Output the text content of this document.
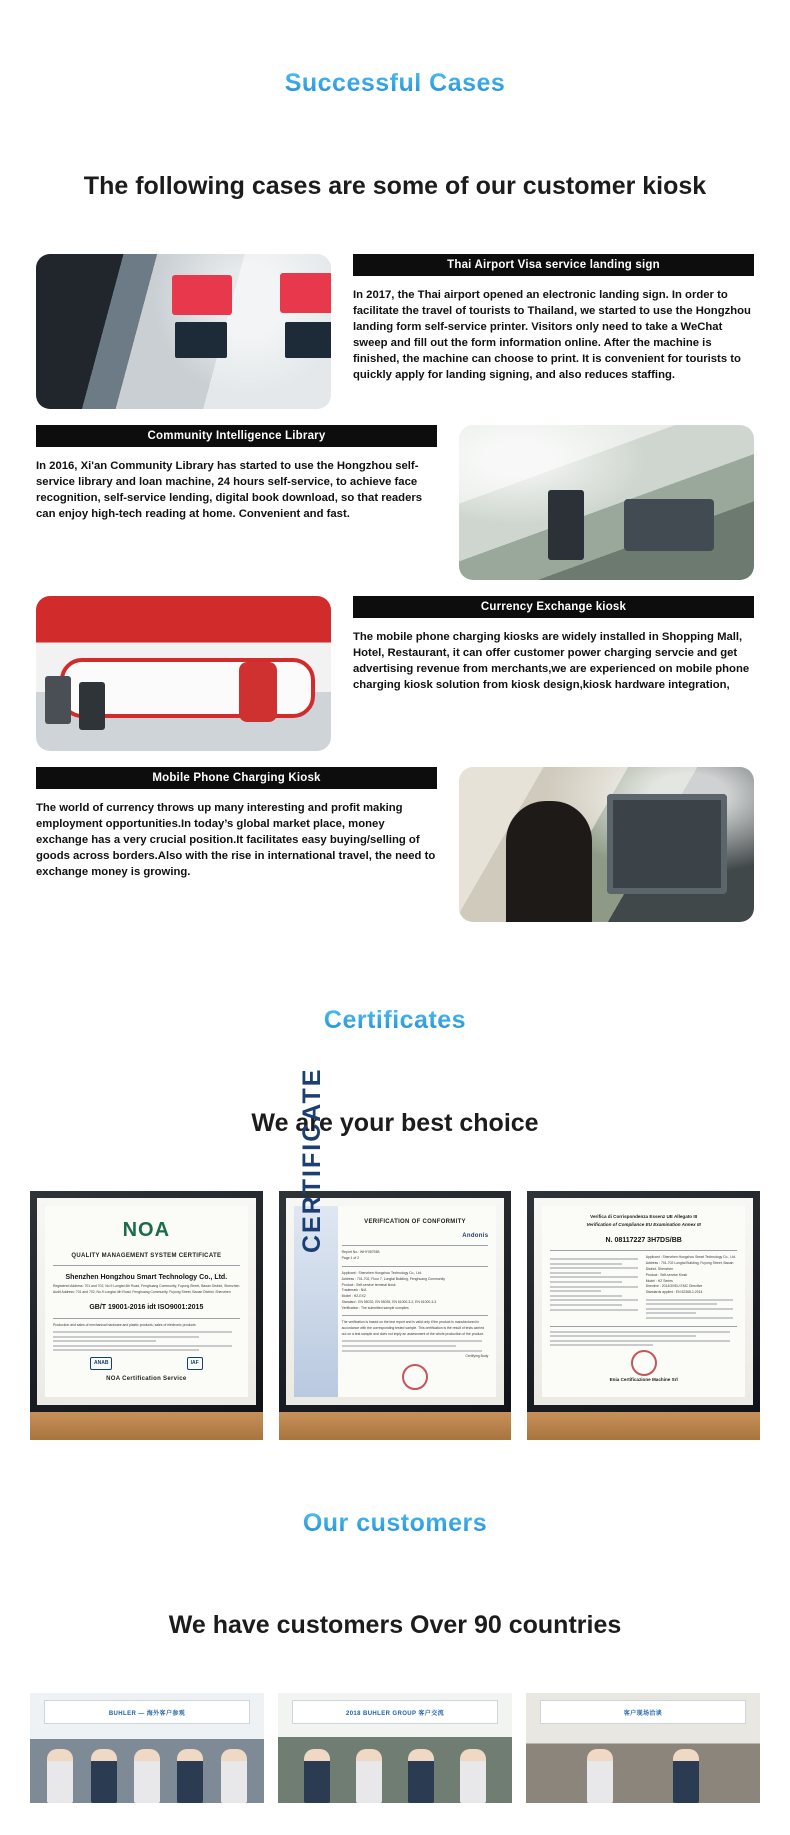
Successful Cases
The following cases are some of our customer kiosk
Thai Airport Visa service landing sign

In 2017, the Thai airport opened an electronic landing sign. In order to facilitate the travel of tourists to Thailand, we started to use the Hongzhou landing form self-service printer. Visitors only need to take a WeChat sweep and fill out the form information online. After the machine is finished, the machine can choose to print. It is convenient for tourists to quickly apply for landing signing, and also reduces staffing.

Community Intelligence Library

In 2016, Xi'an Community Library has started to use the Hongzhou self-service library and loan machine, 24 hours self-service, to achieve face recognition, self-service lending, digital book download, so that readers can enjoy high-tech reading at home. Convenient and fast.

Currency Exchange kiosk

The mobile phone charging kiosks are widely installed in Shopping Mall, Hotel, Restaurant, it can offer customer power charging servcie and get advertising revenue from merchants,we are experienced on mobile phone charging kiosk solution from kiosk design,kiosk hardware integration,

Mobile Phone Charging Kiosk

The world of currency throws up many interesting and profit making employment opportunities.In today’s global market place, money exchange has a very crucial position.It facilitates easy buying/selling of goods across borders.Also with the rise in international travel, the need to exchange money is growing.

Certificates
We are your best choice
NOA
QUALITY MANAGEMENT SYSTEM CERTIFICATE
Shenzhen Hongzhou Smart Technology Co., Ltd.
Registered Address: 701 and 702, No.9 Longtai 4th Road, Fenghuang Community, Fuyong Street, Baoan District, Shenzhen
Audit Address: 701 and 702, No.9 Longtai 4th Road, Fenghuang Community, Fuyong Street, Baoan District, Shenzhen
GB/T 19001-2016 idt ISO9001:2015
Production and sales of mechanical hardware and plastic products; sales of electronic products
ANAB	IAF
NOA Certification Service
CERTIFICATE	VERIFICATION OF CONFORMITY
Andonis
Report No.: WHY08793B
Page 1 of 2
Applicant : Shenzhen Hongzhou Technology Co., Ltd.
Address : 701-702, Floor 7, Longtai Building, Fenghuang Community
Product : Self-service terminal kiosk
Trademark : N/A
Model : HZ-EX2
Standard : EN 55032, EN 55035, EN 61000-3-2, EN 61000-3-3
Verification : The submitted sample complies
The verification is based on the test report and is valid only if the product is manufactured in accordance with the corresponding tested sample. This certification is the result of tests carried out on a test sample and does not imply an assessment of the whole production of the product.
Certifying Body
Verifica di Corrispondenza Essenz UE Allegato III
Verification of Compliance EU Examination Annex III
N. 08117227 3H7DS/BB
Applicant : Shenzhen Hongzhou Smart Technology Co., Ltd.
Address : 701-702 Longtai Building, Fuyong Street, Baoan District, Shenzhen
Product : Self-service Kiosk
Model : HZ Series
Directive : 2014/30/EU EMC Directive
Standards applied : EN 62368-1:2014
Enia Certificazione Machine Srl
Our customers
We have customers Over 90 countries
BUHLER — 海外客户参观	2018 BUHLER GROUP 客户交流	客户现场洽谈
